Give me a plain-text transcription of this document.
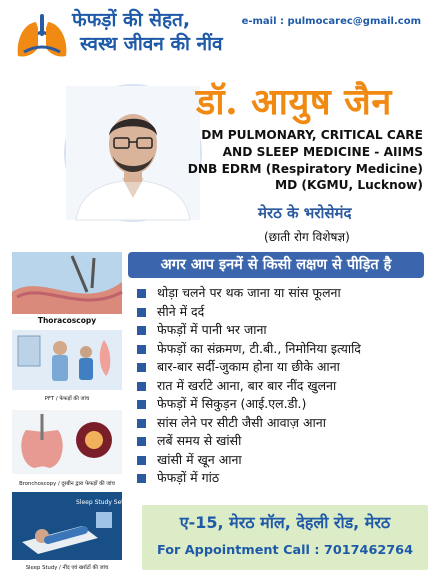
फेफड़ों की सेहत,
स्वस्थ जीवन की नींव
e-mail : pulmocarec@gmail.com
डॉ. आयुष जैन
DM PULMONARY, CRITICAL CARE
AND SLEEP MEDICINE - AIIMS
DNB EDRM (Respiratory Medicine)
MD (KGMU, Lucknow)
मेरठ के भरोसेमंद
(छाती रोग विशेषज्ञ)
Thoracoscopy
PFT / फेफड़ों की जांच
Bronchoscopy / दूरबीन द्वारा फेफड़ों की जांच
Sleep Study Setup
Sleep Study / नींद एवं खर्राटों की जांच
अगर आप इनमें से किसी लक्षण से पीड़ित है
थोड़ा चलने पर थक जाना या सांस फूलना
सीने में दर्द
फेफड़ों में पानी भर जाना
फेफड़ों का संक्रमण, टी.बी., निमोनिया इत्यादि
बार-बार सर्दी-जुकाम होना या छीके आना
रात में खर्राटे आना, बार बार नींद खुलना
फेफड़ों में सिकुड़न (आई.एल.डी.)
सांस लेने पर सीटी जैसी आवाज़ आना
लबें समय से खांसी
खांसी में खून आना
फेफड़ों में गांठ
ए-15, मेरठ मॉल, देहली रोड, मेरठ
For Appointment Call : 7017462764
